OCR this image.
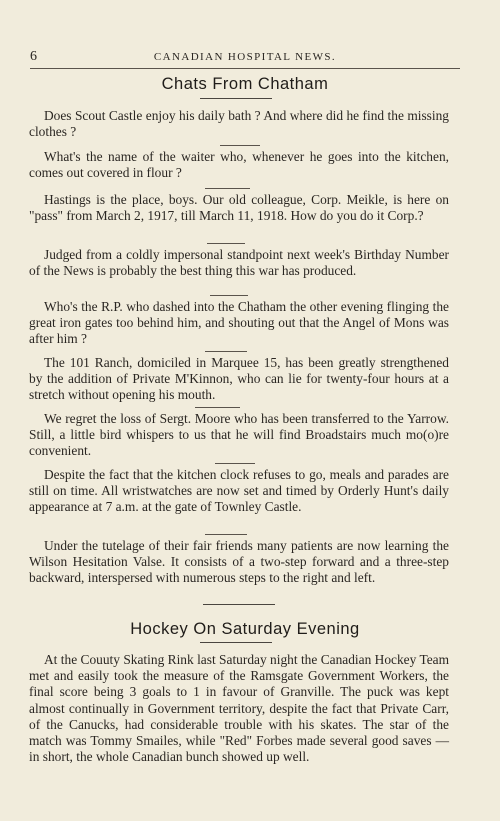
6	CANADIAN HOSPITAL NEWS.
Chats From Chatham

Does Scout Castle enjoy his daily bath ? And where did he find the missing clothes ?

What's the name of the waiter who, whenever he goes into the kitchen, comes out covered in flour ?

Hastings is the place, boys. Our old colleague, Corp. Meikle, is here on "pass" from March 2, 1917, till March 11, 1918. How do you do it Corp.?

Judged from a coldly impersonal standpoint next week's Birthday Number of the News is probably the best thing this war has produced.

Who's the R.P. who dashed into the Chatham the other evening flinging the great iron gates too behind him, and shouting out that the Angel of Mons was after him ?

The 101 Ranch, domiciled in Marquee 15, has been greatly strengthened by the addition of Private M'Kinnon, who can lie for twenty-four hours at a stretch without opening his mouth.

We regret the loss of Sergt. Moore who has been transferred to the Yarrow. Still, a little bird whispers to us that he will find Broadstairs much mo(o)re convenient.

Despite the fact that the kitchen clock refuses to go, meals and parades are still on time. All wristwatches are now set and timed by Orderly Hunt's daily appearance at 7 a.m. at the gate of Townley Castle.

Under the tutelage of their fair friends many patients are now learning the Wilson Hesitation Valse. It consists of a two-step forward and a three-step backward, interspersed with numerous steps to the right and left.

Hockey On Saturday Evening

At the Couuty Skating Rink last Saturday night the Canadian Hockey Team met and easily took the measure of the Ramsgate Government Workers, the final score being 3 goals to 1 in favour of Granville. The puck was kept almost continually in Government territory, despite the fact that Private Carr, of the Canucks, had considerable trouble with his skates. The star of the match was Tommy Smailes, while "Red" Forbes made several good saves —in short, the whole Canadian bunch showed up well.
